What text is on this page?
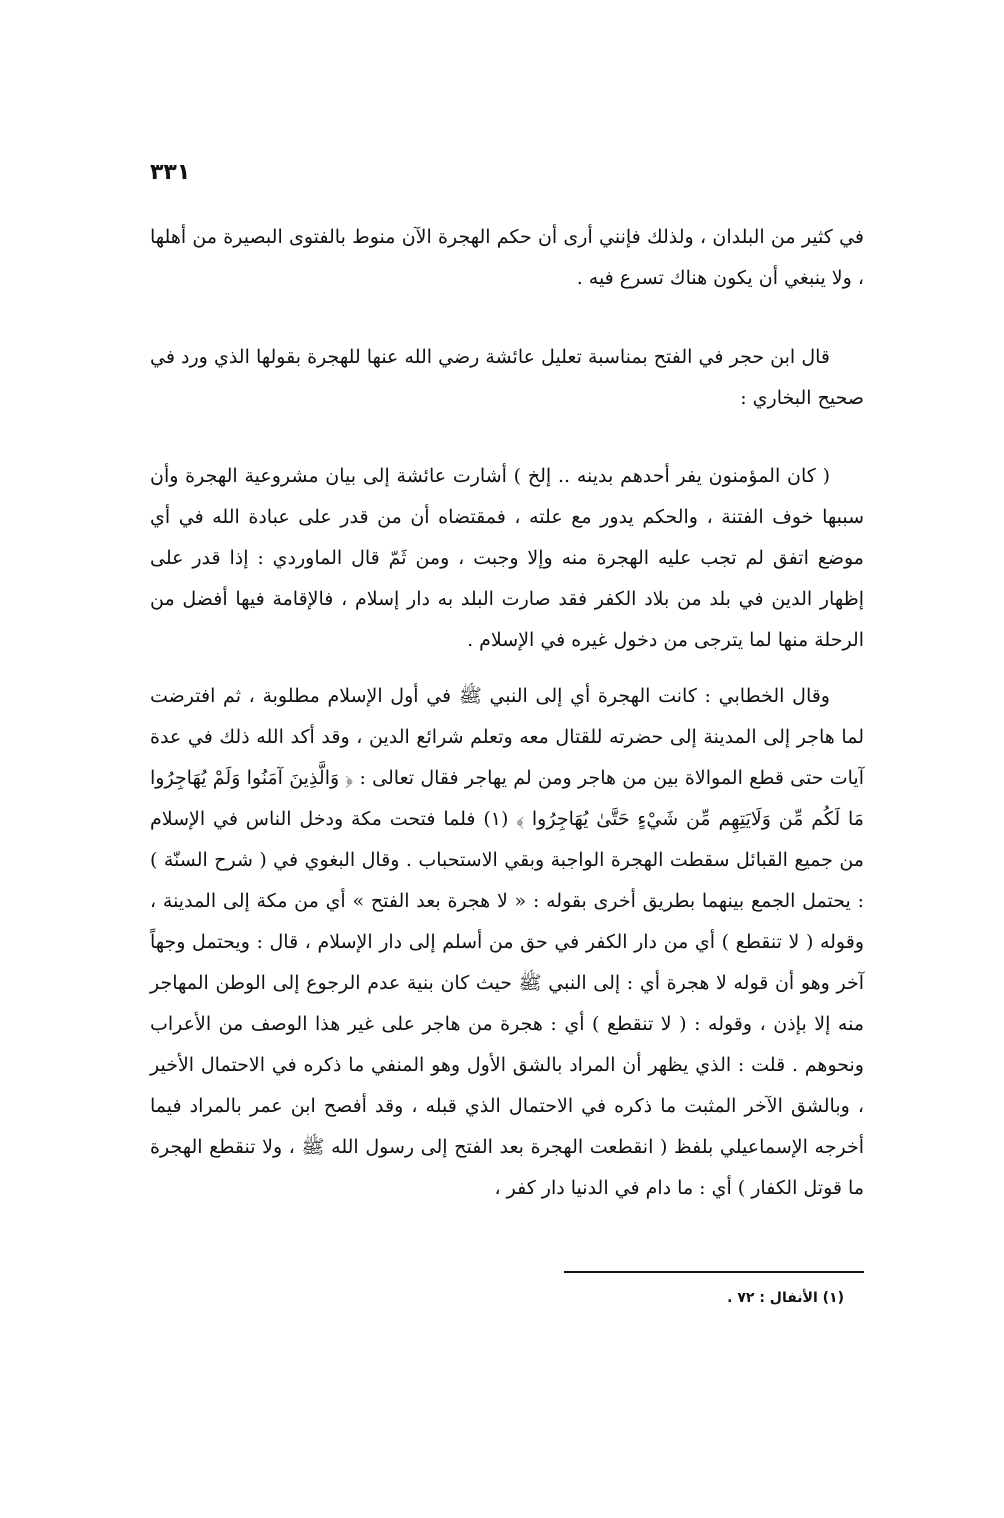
٣٣١

في كثير من البلدان ، ولذلك فإنني أرى أن حكم الهجرة الآن منوط بالفتوى البصيرة من أهلها ، ولا ينبغي أن يكون هناك تسرع فيه .

قال ابن حجر في الفتح بمناسبة تعليل عائشة رضي الله عنها للهجرة بقولها الذي ورد في صحيح البخاري :

( كان المؤمنون يفر أحدهم بدينه .. إلخ ) أشارت عائشة إلى بيان مشروعية الهجرة وأن سببها خوف الفتنة ، والحكم يدور مع علته ، فمقتضاه أن من قدر على عبادة الله في أي موضع اتفق لم تجب عليه الهجرة منه وإلا وجبت ، ومن ثَمّ قال الماوردي : إذا قدر على إظهار الدين في بلد من بلاد الكفر فقد صارت البلد به دار إسلام ، فالإقامة فيها أفضل من الرحلة منها لما يترجى من دخول غيره في الإسلام .

وقال الخطابي : كانت الهجرة أي إلى النبي ﷺ في أول الإسلام مطلوبة ، ثم افترضت لما هاجر إلى المدينة إلى حضرته للقتال معه وتعلم شرائع الدين ، وقد أكد الله ذلك في عدة آيات حتى قطع الموالاة بين من هاجر ومن لم يهاجر فقال تعالى : ﴿ وَالَّذِينَ آمَنُوا وَلَمْ يُهَاجِرُوا مَا لَكُم مِّن وَلَايَتِهِم مِّن شَيْءٍ حَتَّىٰ يُهَاجِرُوا ﴾ (١) فلما فتحت مكة ودخل الناس في الإسلام من جميع القبائل سقطت الهجرة الواجبة وبقي الاستحباب . وقال البغوي في ( شرح السنّة ) : يحتمل الجمع بينهما بطريق أخرى بقوله : « لا هجرة بعد الفتح » أي من مكة إلى المدينة ، وقوله ( لا تنقطع ) أي من دار الكفر في حق من أسلم إلى دار الإسلام ، قال : ويحتمل وجهاً آخر وهو أن قوله لا هجرة أي : إلى النبي ﷺ حيث كان بنية عدم الرجوع إلى الوطن المهاجر منه إلا بإذن ، وقوله : ( لا تنقطع ) أي : هجرة من هاجر على غير هذا الوصف من الأعراب ونحوهم . قلت : الذي يظهر أن المراد بالشق الأول وهو المنفي ما ذكره في الاحتمال الأخير ، وبالشق الآخر المثبت ما ذكره في الاحتمال الذي قبله ، وقد أفصح ابن عمر بالمراد فيما أخرجه الإسماعيلي بلفظ ( انقطعت الهجرة بعد الفتح إلى رسول الله ﷺ ، ولا تنقطع الهجرة ما قوتل الكفار ) أي : ما دام في الدنيا دار كفر ،

(١) الأنفال : ٧٢ .
